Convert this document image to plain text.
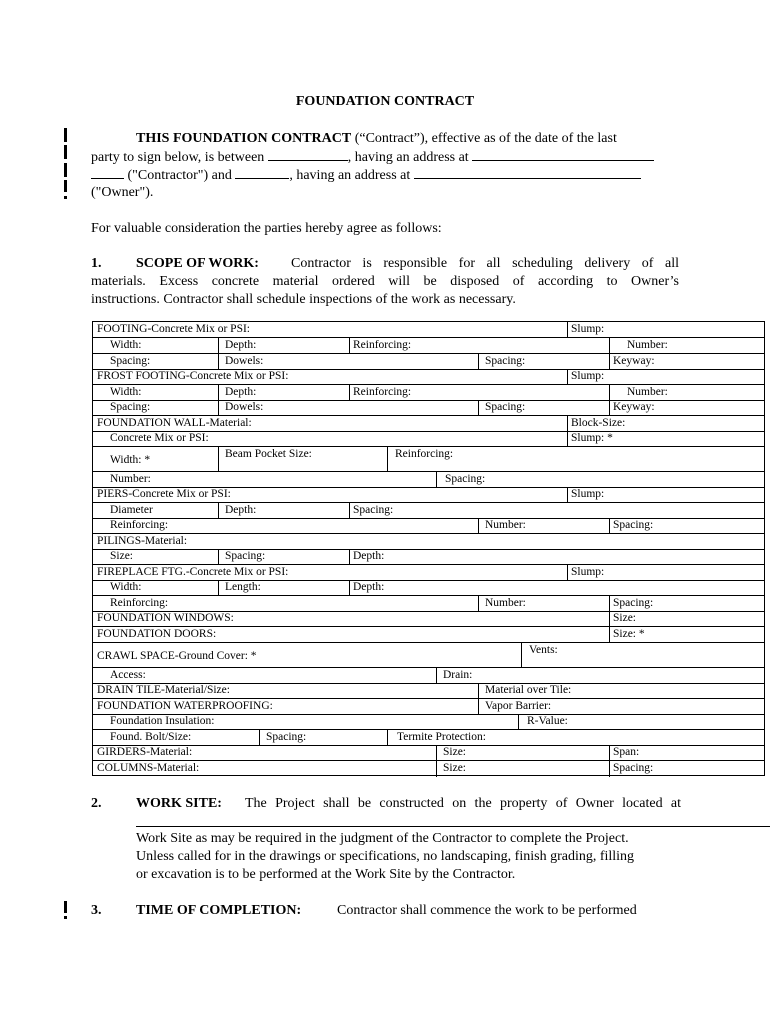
FOUNDATION CONTRACT
THIS FOUNDATION CONTRACT (“Contract”), effective as of the date of the last
party to sign below, is between	, having an address at
("Contractor") and	, having an address at
("Owner").
For valuable consideration the parties hereby agree as follows:
1. SCOPE OF WORK: Contractor is responsible for all scheduling delivery of all
materials. Excess concrete material ordered will be disposed of according to Owner’s
instructions. Contractor shall schedule inspections of the work as necessary.
FOOTING-Concrete Mix or PSI:	Slump:
Width:	Depth:	Reinforcing:	Number:
Spacing:	Dowels:	Spacing:	Keyway:
FROST FOOTING-Concrete Mix or PSI:	Slump:
Width:	Depth:	Reinforcing:	Number:
Spacing:	Dowels:	Spacing:	Keyway:
FOUNDATION WALL-Material:	Block-Size:
Concrete Mix or PSI:	Slump: *
Width: *	Beam Pocket Size:	Reinforcing:
Number:	Spacing:
PIERS-Concrete Mix or PSI:	Slump:
Diameter	Depth:	Spacing:
Reinforcing:	Number:	Spacing:
PILINGS-Material:
Size:	Spacing:	Depth:
FIREPLACE FTG.-Concrete Mix or PSI:	Slump:
Width:	Length:	Depth:
Reinforcing:	Number:	Spacing:
FOUNDATION WINDOWS:	Size:
FOUNDATION DOORS:	Size: *
CRAWL SPACE-Ground Cover: *	Vents:
Access:	Drain:
DRAIN TILE-Material/Size:	Material over Tile:
FOUNDATION WATERPROOFING:	Vapor Barrier:
Foundation Insulation:	R-Value:
Found. Bolt/Size:	Spacing:	Termite Protection:
GIRDERS-Material:	Size:	Span:
COLUMNS-Material:	Size:	Spacing:
2. WORK SITE: The Project shall be constructed on the property of Owner located at
Work Site as may be required in the judgment of the Contractor to complete the Project.
Unless called for in the drawings or specifications, no landscaping, finish grading, filling
or excavation is to be performed at the Work Site by the Contractor.
3. TIME OF COMPLETION:	Contractor shall commence the work to be performed
